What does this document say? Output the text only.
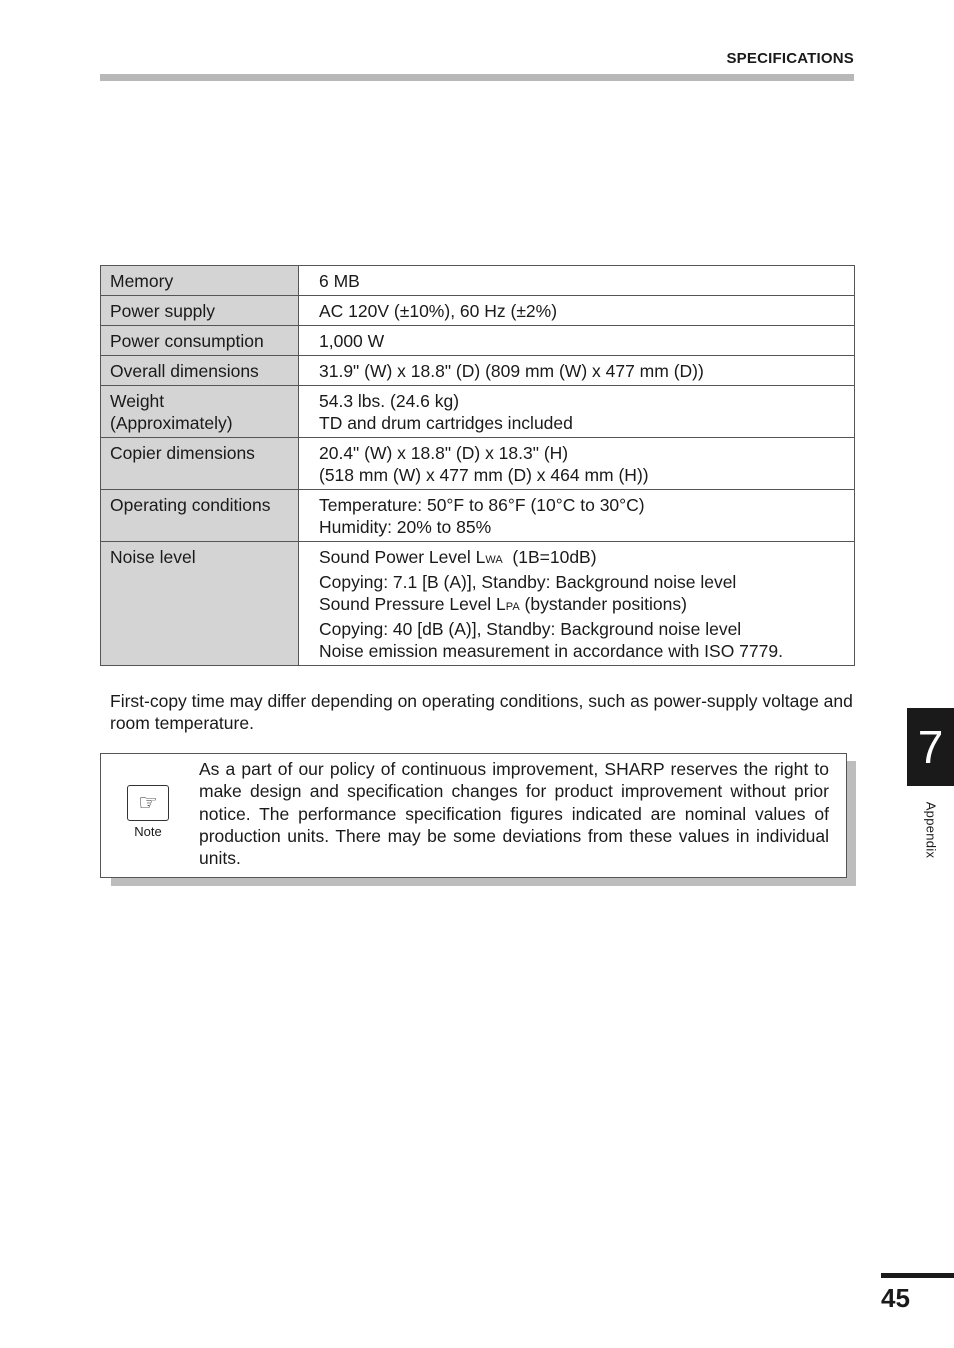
SPECIFICATIONS
Memory	6 MB

Power supply	AC 120V (±10%), 60 Hz (±2%)

Power consumption	1,000 W

Overall dimensions	31.9" (W) x 18.8" (D) (809 mm (W) x 477 mm (D))

Weight
(Approximately)	54.3 lbs. (24.6 kg)
TD and drum cartridges included

Copier dimensions	20.4" (W) x 18.8" (D) x 18.3" (H)
(518 mm (W) x 477 mm (D) x 464 mm (H))

Operating conditions	Temperature: 50°F to 86°F (10°C to 30°C)
Humidity: 20% to 85%

Noise level	Sound Power Level LWA  (1B=10dB)
Copying: 7.1 [B (A)], Standby: Background noise level
Sound Pressure Level LPA (bystander positions)
Copying: 40 [dB (A)], Standby: Background noise level
Noise emission measurement in accordance with ISO 7779.
First-copy time may differ depending on operating conditions, such as power-supply voltage and room temperature.
☞
Note
As a part of our policy of continuous improvement, SHARP reserves the right to make design and specification changes for product improvement without prior notice. The performance specification figures indicated are nominal values of production units. There may be some deviations from these values in individual units.
7
Appendix
45
